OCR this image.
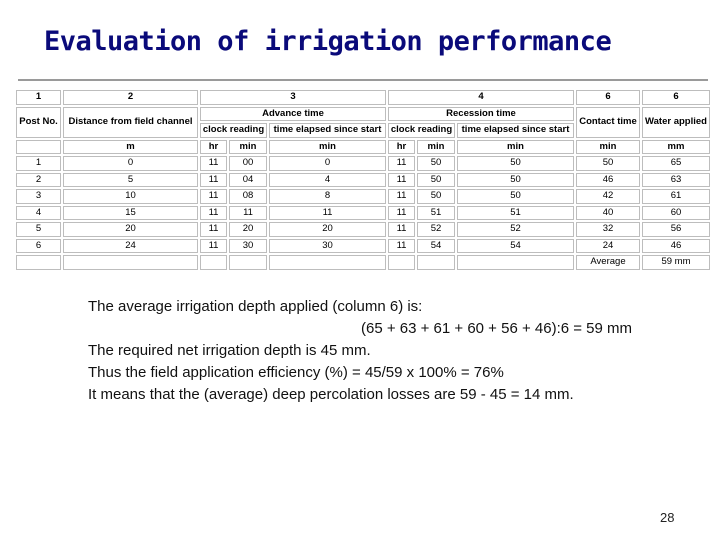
Evaluation of irrigation performance
1	2	3			4			6	6
Post No.	Distance from field channel	Advance time			Recession time			Contact time	Water applied
		clock reading		time elapsed since start	clock reading		time elapsed since start		
	m	hr	min	min	hr	min	min	min	mm
1	0	11	00	0	11	50	50	50	65
2	5	11	04	4	11	50	50	46	63
3	10	11	08	8	11	50	50	42	61
4	15	11	11	11	11	51	51	40	60
5	20	11	20	20	11	52	52	32	56
6	24	11	30	30	11	54	54	24	46
								Average	59 mm
The average irrigation depth applied (column 6) is:
(65 + 63 + 61 + 60 + 56 + 46):6 = 59 mm
The required net irrigation depth is 45 mm.
Thus the field application efficiency (%) = 45/59 x 100% = 76%
It means that the (average) deep percolation losses are 59 - 45 = 14 mm.
28
